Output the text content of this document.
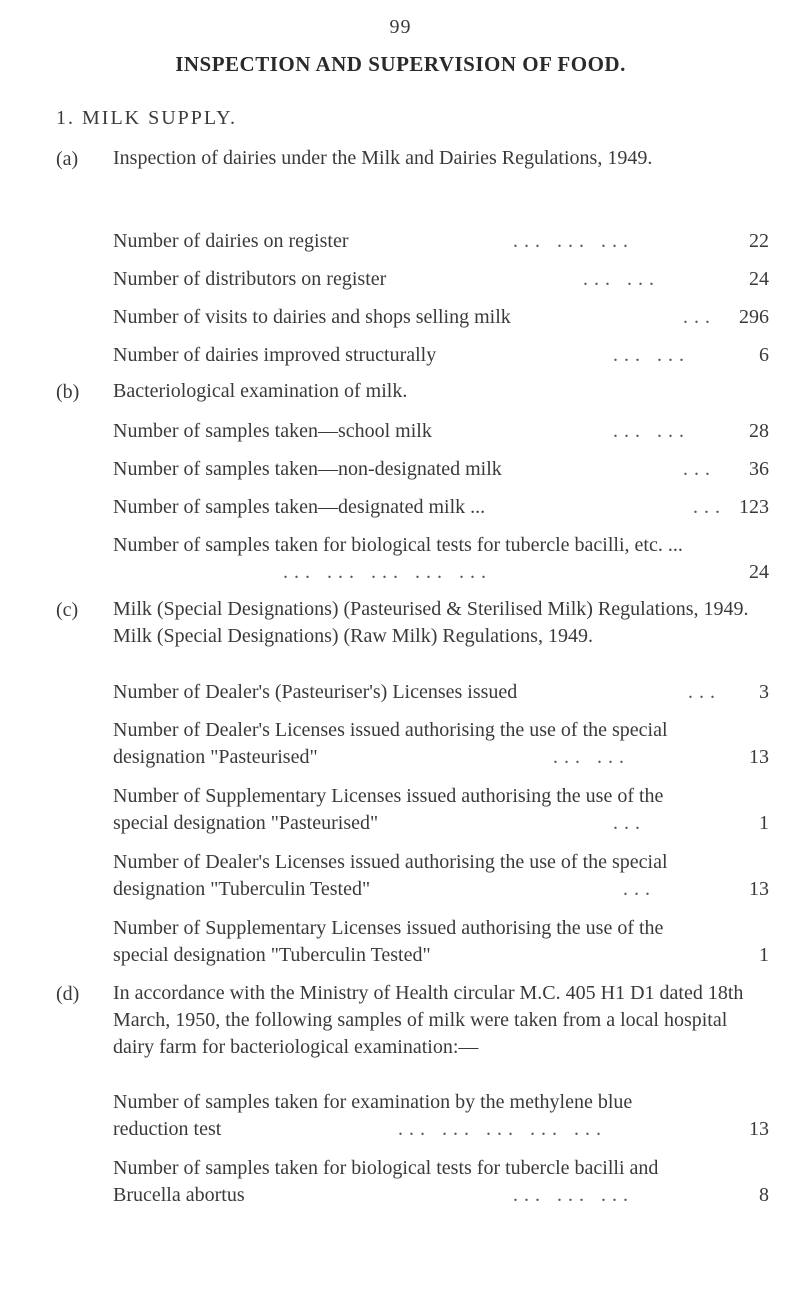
99
INSPECTION AND SUPERVISION OF FOOD.
1. MILK SUPPLY.
(a) Inspection of dairies under the Milk and Dairies Regulations, 1949.
Number of dairies on register	... ... ...	22
Number of distributors on register	... ...	24
Number of visits to dairies and shops selling milk	... 296
Number of dairies improved structurally	... ...	6
(b) Bacteriological examination of milk.
Number of samples taken—school milk	... ...	28
Number of samples taken—non-designated milk	... 36
Number of samples taken—designated milk ...	... 123
Number of samples taken for biological tests for tubercle bacilli, etc. ...
... ... ... ... ...	24
(c) Milk (Special Designations) (Pasteurised & Sterilised Milk) Regulations, 1949. Milk (Special Designations) (Raw Milk) Regulations, 1949.
Number of Dealer's (Pasteuriser's) Licenses issued	... 3
Number of Dealer's Licenses issued authorising the use of the special designation "Pasteurised"	... ...	13
Number of Supplementary Licenses issued authorising the use of the special designation "Pasteurised"	...	1
Number of Dealer's Licenses issued authorising the use of the special designation "Tuberculin Tested"	...	13
Number of Supplementary Licenses issued authorising the use of the special designation "Tuberculin Tested"	1
(d) In accordance with the Ministry of Health circular M.C. 405 H1 D1 dated 18th March, 1950, the following samples of milk were taken from a local hospital dairy farm for bacteriological examination:—
Number of samples taken for examination by the methylene blue reduction test	... ... ... ... ...	13
Number of samples taken for biological tests for tubercle bacilli and Brucella abortus	... ... ...	8
